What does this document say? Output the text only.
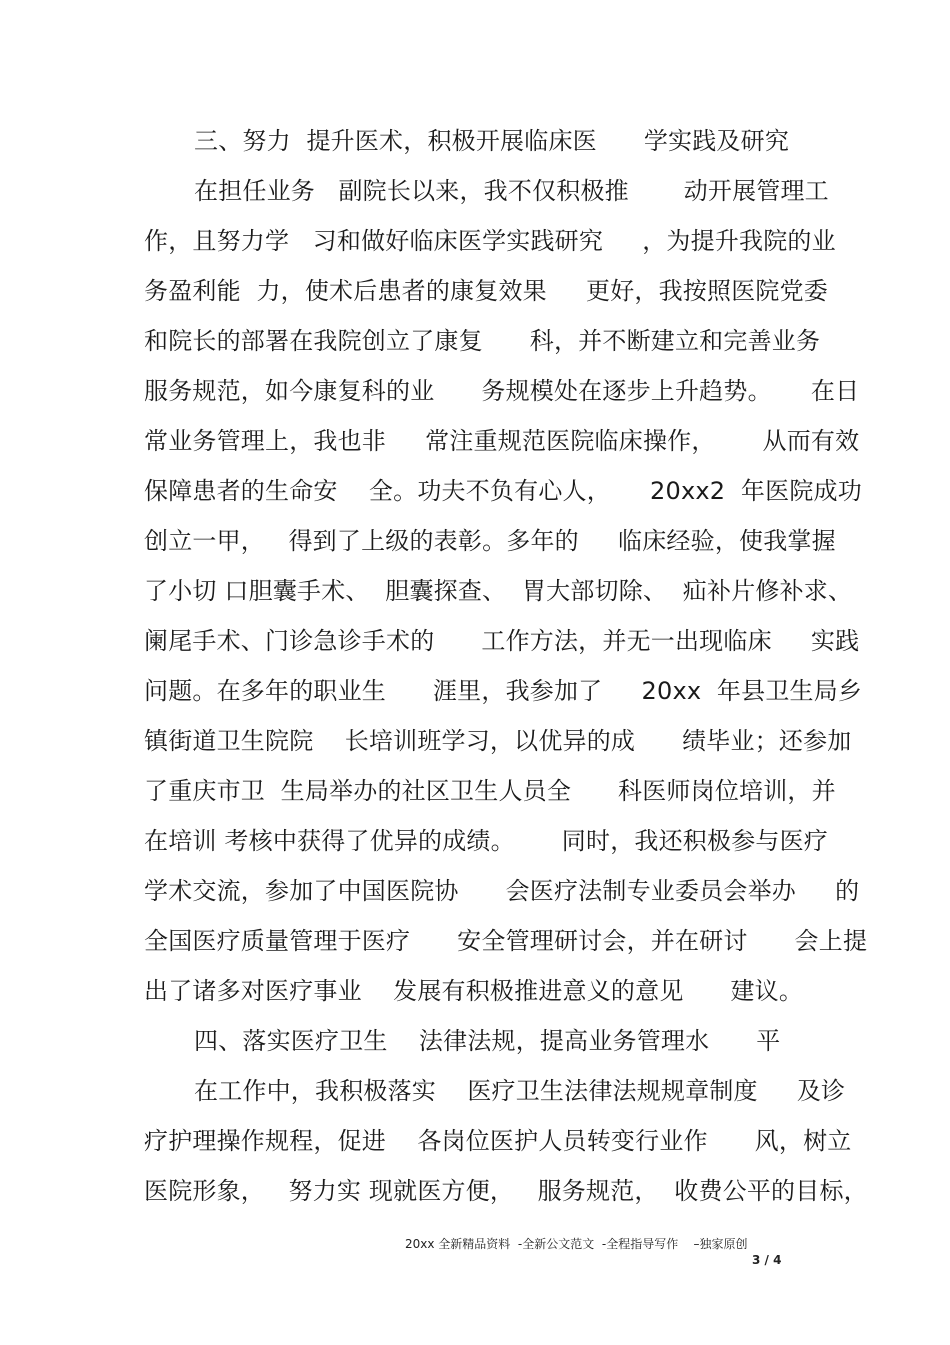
三、努力  提升医术，积极开展临床医      学实践及研究
在担任业务   副院长以来，我不仅积极推       动开展管理工
作，且努力学   习和做好临床医学实践研究     ，为提升我院的业
务盈利能  力，使术后患者的康复效果     更好，我按照医院党委
和院长的部署在我院创立了康复      科，并不断建立和完善业务
服务规范，如今康复科的业      务规模处在逐步上升趋势。     在日
常业务管理上，我也非     常注重规范医院临床操作，      从而有效
保障患者的生命安    全。功夫不负有心人，     20xx2  年医院成功
创立一甲，   得到了上级的表彰。多年的     临床经验，使我掌握
了小切 口胆囊手术、  胆囊探查、  胃大部切除、  疝补片修补求、
阑尾手术、门诊急诊手术的      工作方法，并无一出现临床     实践
问题。在多年的职业生      涯里，我参加了     20xx  年县卫生局乡
镇街道卫生院院    长培训班学习，以优异的成      绩毕业；还参加
了重庆市卫  生局举办的社区卫生人员全      科医师岗位培训，并
在培训 考核中获得了优异的成绩。      同时，我还积极参与医疗
学术交流，参加了中国医院协      会医疗法制专业委员会举办     的
全国医疗质量管理于医疗      安全管理研讨会，并在研讨      会上提
出了诸多对医疗事业    发展有积极推进意义的意见      建议。
四、落实医疗卫生    法律法规，提高业务管理水      平
在工作中，我积极落实    医疗卫生法律法规规章制度     及诊
疗护理操作规程，促进    各岗位医护人员转变行业作      风，树立
医院形象，   努力实 现就医方便，   服务规范，  收费公平的目标，
20xx 全新精品资料  -全新公文范文  -全程指导写作    –独家原创
3 / 4
